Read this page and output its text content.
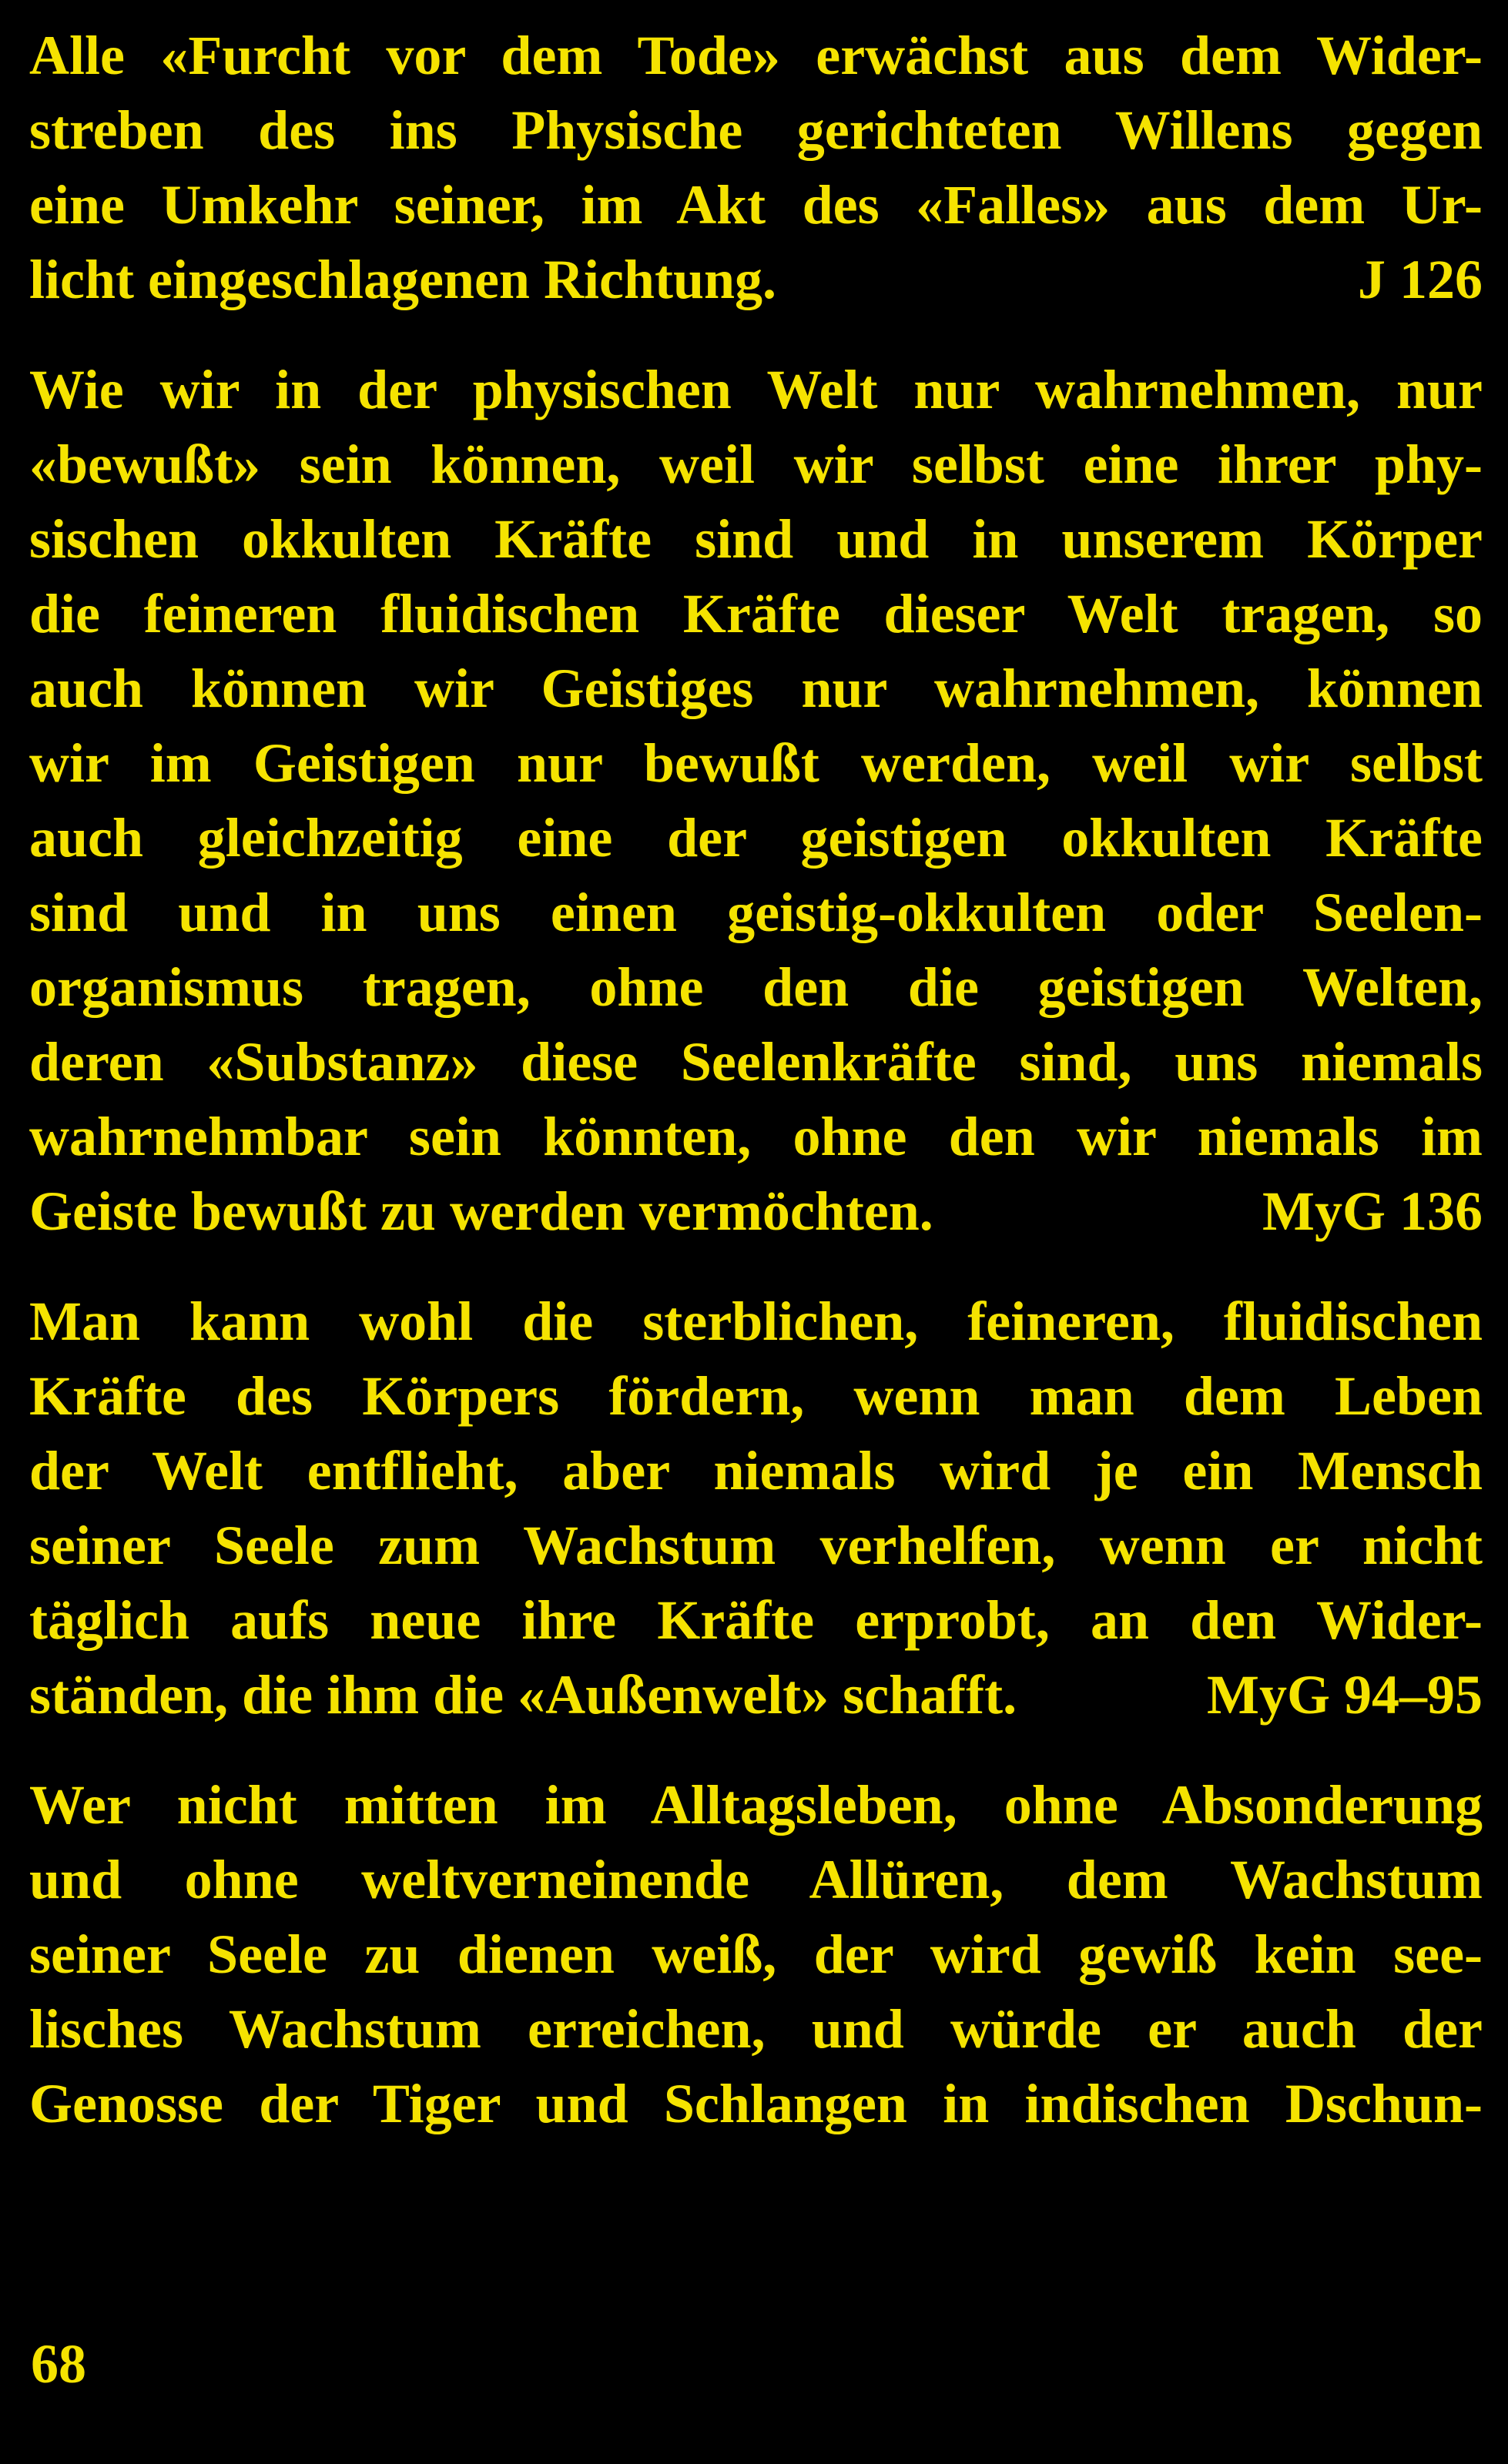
Alle «Furcht vor dem Tode» erwächst aus dem Wider-
streben des ins Physische gerichteten Willens gegen
eine Umkehr seiner, im Akt des «Falles» aus dem Ur-
licht eingeschlagenen Richtung.	J 126
Wie wir in der physischen Welt nur wahrnehmen, nur
«bewußt» sein können, weil wir selbst eine ihrer phy-
sischen okkulten Kräfte sind und in unserem Körper
die feineren fluidischen Kräfte dieser Welt tragen, so
auch können wir Geistiges nur wahrnehmen, können
wir im Geistigen nur bewußt werden, weil wir selbst
auch gleichzeitig eine der geistigen okkulten Kräfte
sind und in uns einen geistig-okkulten oder Seelen-
organismus tragen, ohne den die geistigen Welten,
deren «Substanz» diese Seelenkräfte sind, uns niemals
wahrnehmbar sein könnten, ohne den wir niemals im
Geiste bewußt zu werden vermöchten.	MyG 136
Man kann wohl die sterblichen, feineren, fluidischen
Kräfte des Körpers fördern, wenn man dem Leben
der Welt entflieht, aber niemals wird je ein Mensch
seiner Seele zum Wachstum verhelfen, wenn er nicht
täglich aufs neue ihre Kräfte erprobt, an den Wider-
ständen, die ihm die «Außenwelt» schafft.	MyG 94–95
Wer nicht mitten im Alltagsleben, ohne Absonderung
und ohne weltverneinende Allüren, dem Wachstum
seiner Seele zu dienen weiß, der wird gewiß kein see-
lisches Wachstum erreichen, und würde er auch der
Genosse der Tiger und Schlangen in indischen Dschun-
68
